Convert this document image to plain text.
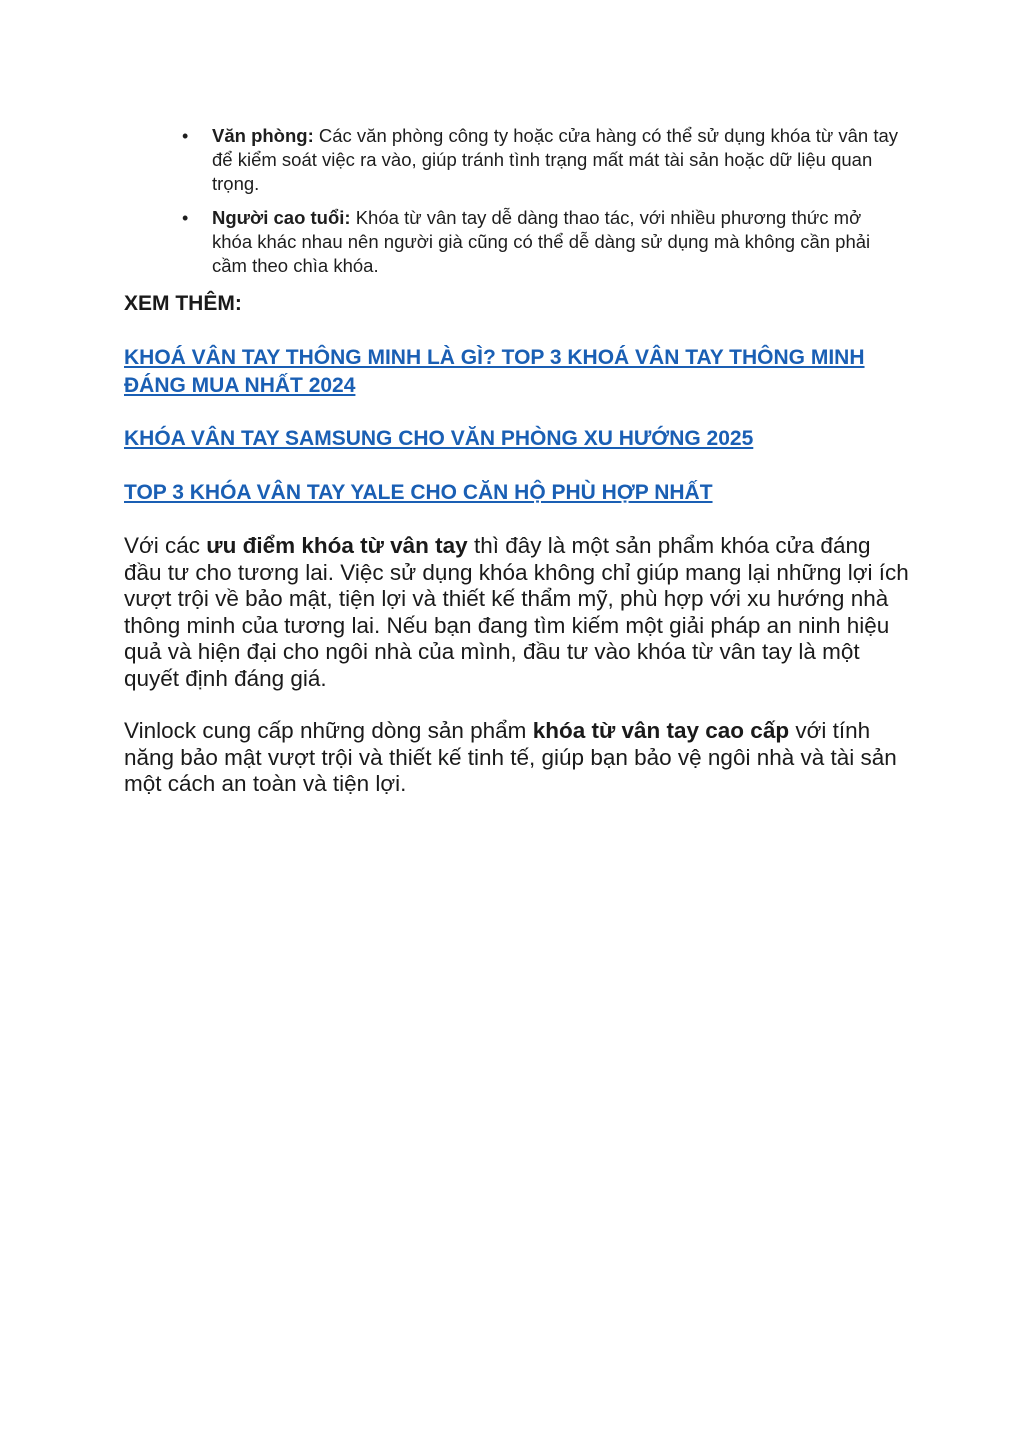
• Văn phòng: Các văn phòng công ty hoặc cửa hàng có thể sử dụng khóa từ vân tay để kiểm soát việc ra vào, giúp tránh tình trạng mất mát tài sản hoặc dữ liệu quan trọng.
• Người cao tuổi: Khóa từ vân tay dễ dàng thao tác, với nhiều phương thức mở khóa khác nhau nên người già cũng có thể dễ dàng sử dụng mà không cần phải cầm theo chìa khóa.

XEM THÊM:

KHOÁ VÂN TAY THÔNG MINH LÀ GÌ? TOP 3 KHOÁ VÂN TAY THÔNG MINH ĐÁNG MUA NHẤT 2024
KHÓA VÂN TAY SAMSUNG CHO VĂN PHÒNG XU HƯỚNG 2025
TOP 3 KHÓA VÂN TAY YALE CHO CĂN HỘ PHÙ HỢP NHẤT

Với các ưu điểm khóa từ vân tay thì đây là một sản phẩm khóa cửa đáng đầu tư cho tương lai. Việc sử dụng khóa không chỉ giúp mang lại những lợi ích vượt trội về bảo mật, tiện lợi và thiết kế thẩm mỹ, phù hợp với xu hướng nhà thông minh của tương lai. Nếu bạn đang tìm kiếm một giải pháp an ninh hiệu quả và hiện đại cho ngôi nhà của mình, đầu tư vào khóa từ vân tay là một quyết định đáng giá.

Vinlock cung cấp những dòng sản phẩm khóa từ vân tay cao cấp với tính năng bảo mật vượt trội và thiết kế tinh tế, giúp bạn bảo vệ ngôi nhà và tài sản một cách an toàn và tiện lợi.
